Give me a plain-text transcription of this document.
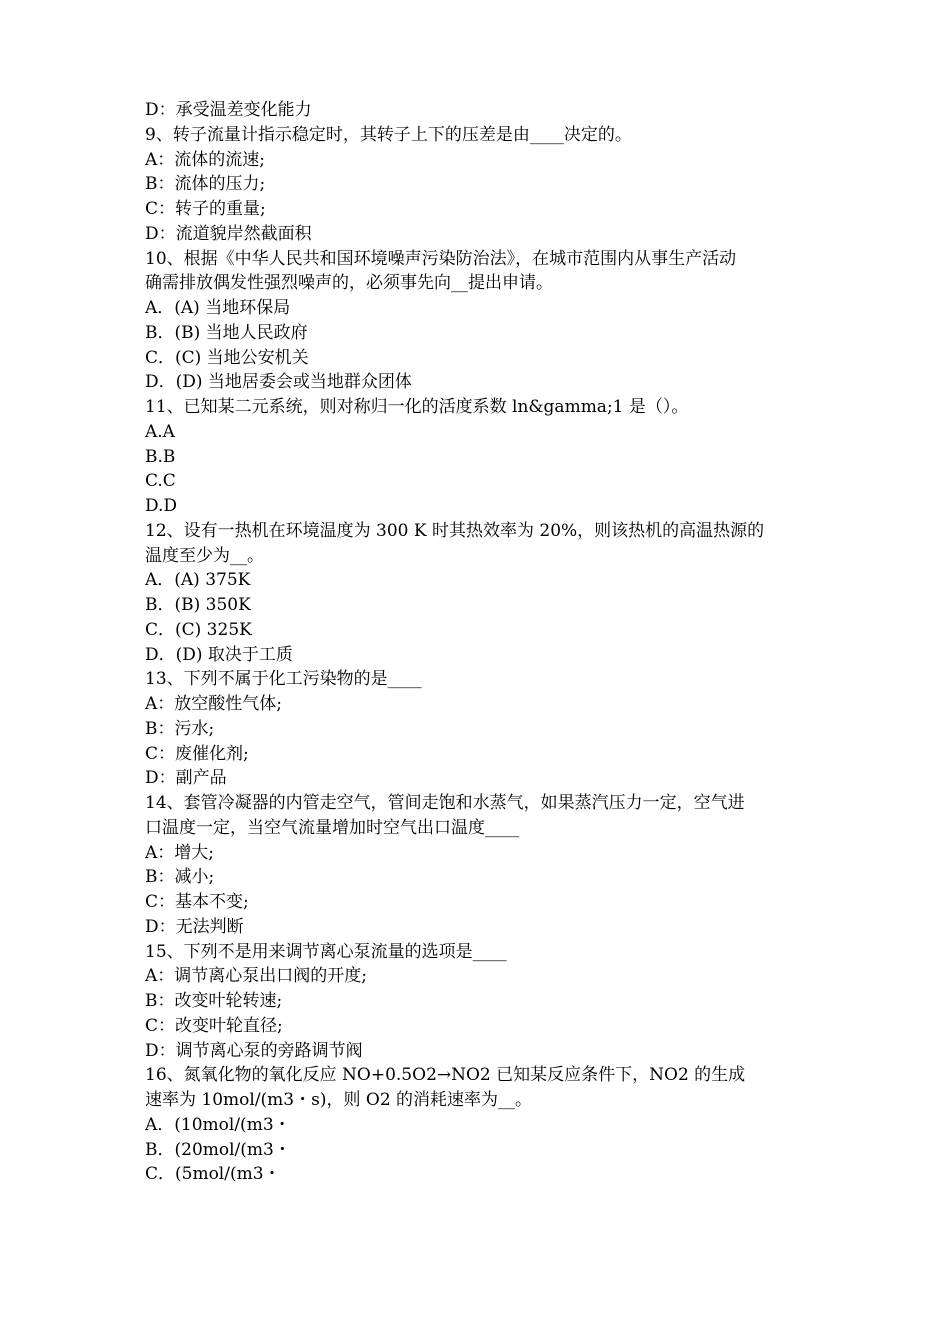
D：承受温差变化能力
9、转子流量计指示稳定时，其转子上下的压差是由____决定的。
A：流体的流速;
B：流体的压力;
C：转子的重量;
D：流道貌岸然截面积
10、根据《中华人民共和国环境噪声污染防治法》，在城市范围内从事生产活动
确需排放偶发性强烈噪声的，必须事先向__提出申请。
A．(A) 当地环保局
B．(B) 当地人民政府
C．(C) 当地公安机关
D．(D) 当地居委会或当地群众团体
11、已知某二元系统，则对称归一化的活度系数 ln&gamma;1 是（）。
A.A
B.B
C.C
D.D
12、设有一热机在环境温度为 300 K 时其热效率为 20%，则该热机的高温热源的
温度至少为__。
A．(A) 375K
B．(B) 350K
C．(C) 325K
D．(D) 取决于工质
13、下列不属于化工污染物的是____
A：放空酸性气体;
B：污水;
C：废催化剂;
D：副产品
14、套管冷凝器的内管走空气，管间走饱和水蒸气，如果蒸汽压力一定，空气进
口温度一定，当空气流量增加时空气出口温度____
A：增大;
B：减小;
C：基本不变;
D：无法判断
15、下列不是用来调节离心泵流量的选项是____
A：调节离心泵出口阀的开度;
B：改变叶轮转速;
C：改变叶轮直径;
D：调节离心泵的旁路调节阀
16、氮氧化物的氧化反应 NO+0.5O2→NO2 已知某反应条件下，NO2 的生成
速率为 10mol/(m3・s)，则 O2 的消耗速率为__。
A．(10mol/(m3・
B．(20mol/(m3・
C．(5mol/(m3・
